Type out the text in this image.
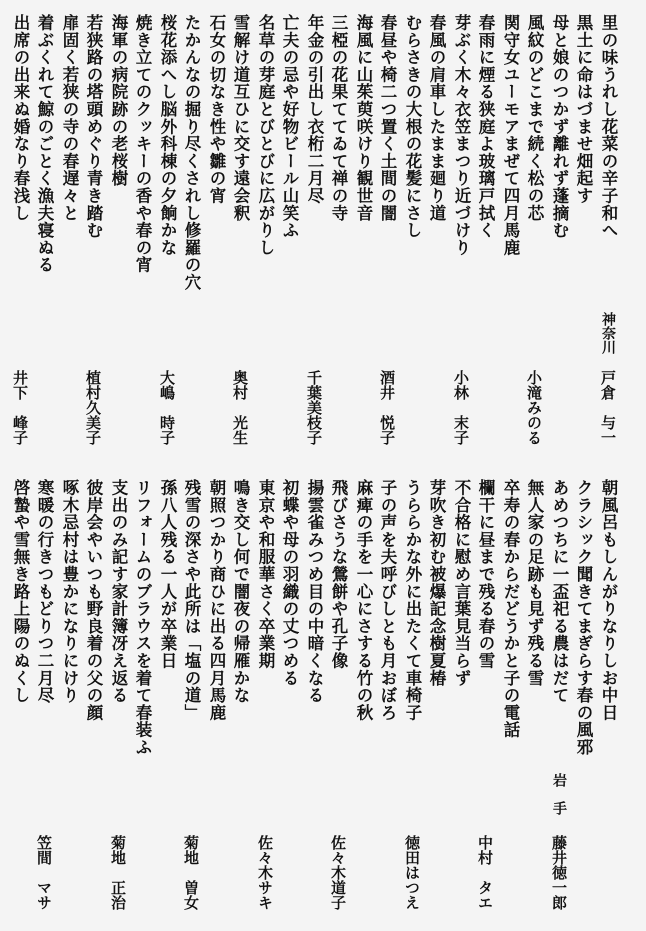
里の味うれし花菜の辛子和へ
黒土に命はづませ畑起す
母と娘のつかず離れず蓬摘む
風紋のどこまで続く松の芯
関守女ユーモアまぜて四月馬鹿
春雨に煙る狭庭よ玻璃戸拭く
芽ぶく木々衣笠まつり近づけり
春風の肩車したまま廻り道
むらさきの大根の花髪にさし
春昼や椅二つ置く土間の闇
海風に山茱萸咲けり観世音
三椏の花果ててゐて禅の寺
年金の引出し衣桁二月尽
亡夫の忌や好物ビール山笑ふ
名草の芽庭とびとびに広がりし
雪解け道互ひに交す遠会釈
石女の切なき性や雛の宵
たかんなの掘り尽くされし修羅の穴
桜花添へし脳外科棟の夕餉かな
焼き立てのクッキーの香や春の宵
海軍の病院跡の老桜樹
若狭路の塔頭めぐり青き踏む
扉固く若狭の寺の春遅々と
着ぶくれて鯨のごとく漁夫寝ぬる
出席の出来ぬ婚なり春浅し
神奈川
戸倉　与一
小滝みのる
小林　末子
酒井　悦子
千葉美枝子
奥村　光生
大嶋　時子
植村久美子
井下　峰子
朝風呂もしんがりなりしお中日
クラシック聞きてまぎらす春の風邪
あめつちに一盃祀る農はだて
無人家の足跡も見ず残る雪
卒寿の春からだどうかと子の電話
欄干に昼まで残る春の雪
不合格に慰め言葉見当らず
芽吹き初む被爆記念樹夏椿
うららかな外に出たくて車椅子
子の声を夫呼びしとも月おぼろ
麻痺の手を一心にさする竹の秋
飛びさうな鶯餅や孔子像
揚雲雀みつめ目の中暗くなる
初蝶や母の羽織の丈つめる
東京や和服華さく卒業期
鳴き交し何で闇夜の帰雁かな
朝照つかり商ひに出る四月馬鹿
残雪の深さや此所は「塩の道」
孫八人残る一人が卒業日
リフォームのブラウスを着て春装ふ
支出のみ記す家計簿冴え返る
彼岸会やいつも野良着の父の顔
啄木忌村は豊かになりにけり
寒暖の行きつもどりつ二月尽
啓蟄や雪無き路上陽のぬくし
岩　手
藤井徳一郎
中村　タエ
徳田はつえ
佐々木道子
佐々木サキ
菊地　曽女
菊地　正治
笠間　マサ
